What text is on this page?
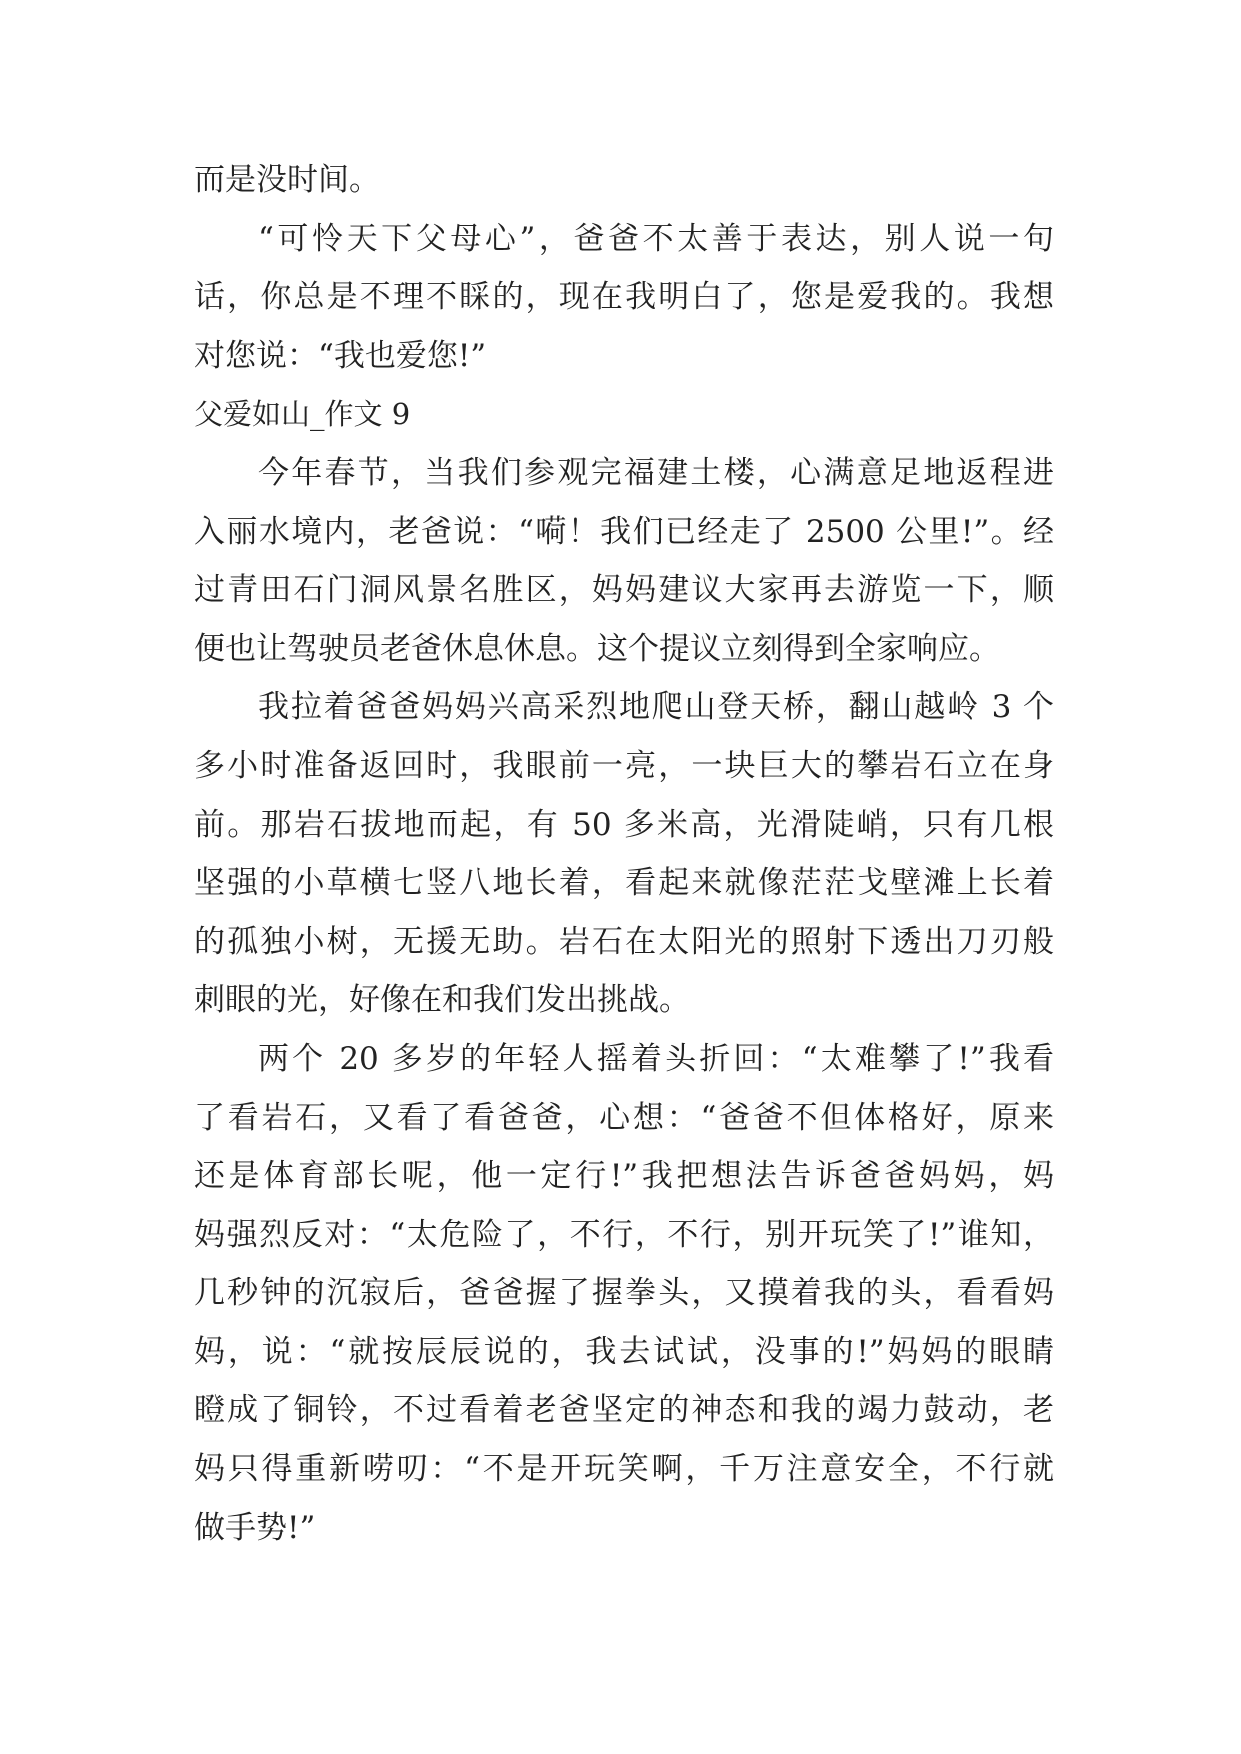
而是没时间。
“可怜天下父母心”，爸爸不太善于表达，别人说一句
话，你总是不理不睬的，现在我明白了，您是爱我的。我想
对您说：“我也爱您!”
父爱如山_作文 9
今年春节，当我们参观完福建土楼，心满意足地返程进
入丽水境内，老爸说：“嗬！我们已经走了 2500 公里!”。经
过青田石门洞风景名胜区，妈妈建议大家再去游览一下，顺
便也让驾驶员老爸休息休息。这个提议立刻得到全家响应。
我拉着爸爸妈妈兴高采烈地爬山登天桥，翻山越岭 3 个
多小时准备返回时，我眼前一亮，一块巨大的攀岩石立在身
前。那岩石拔地而起，有 50 多米高，光滑陡峭，只有几根
坚强的小草横七竖八地长着，看起来就像茫茫戈壁滩上长着
的孤独小树，无援无助。岩石在太阳光的照射下透出刀刃般
刺眼的光，好像在和我们发出挑战。
两个 20 多岁的年轻人摇着头折回：“太难攀了!”我看
了看岩石，又看了看爸爸，心想：“爸爸不但体格好，原来
还是体育部长呢，他一定行!”我把想法告诉爸爸妈妈，妈
妈强烈反对：“太危险了，不行，不行，别开玩笑了!”谁知，
几秒钟的沉寂后，爸爸握了握拳头，又摸着我的头，看看妈
妈，说：“就按辰辰说的，我去试试，没事的!”妈妈的眼睛
瞪成了铜铃，不过看着老爸坚定的神态和我的竭力鼓动，老
妈只得重新唠叨：“不是开玩笑啊，千万注意安全，不行就
做手势!”
